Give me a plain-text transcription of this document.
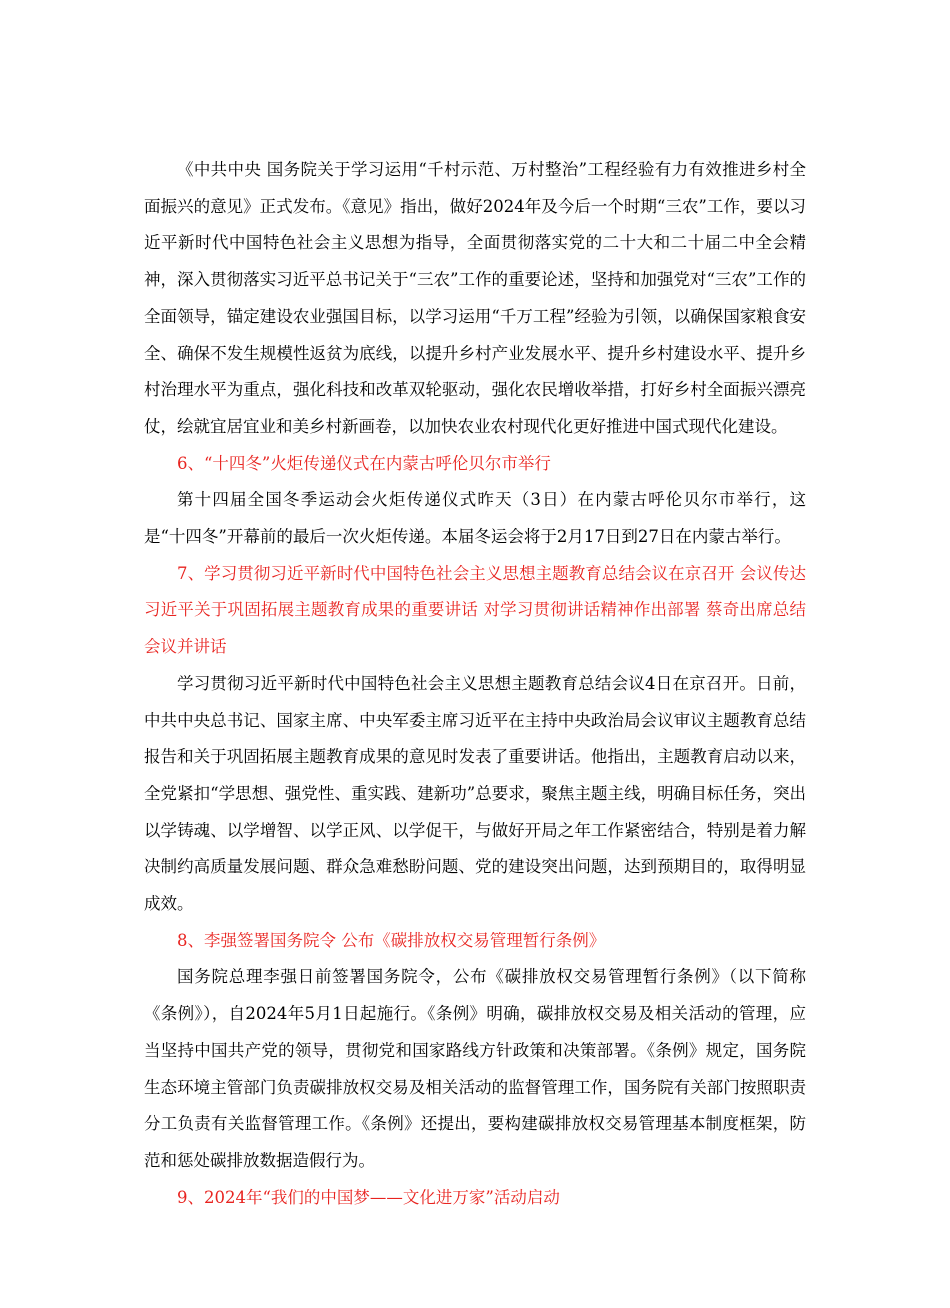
《中共中央 国务院关于学习运用“千村示范、万村整治”工程经验有力有效推进乡村全面振兴的意见》正式发布。《意见》指出，做好2024年及今后一个时期“三农”工作，要以习近平新时代中国特色社会主义思想为指导，全面贯彻落实党的二十大和二十届二中全会精神，深入贯彻落实习近平总书记关于“三农”工作的重要论述，坚持和加强党对“三农”工作的全面领导，锚定建设农业强国目标，以学习运用“千万工程”经验为引领，以确保国家粮食安全、确保不发生规模性返贫为底线，以提升乡村产业发展水平、提升乡村建设水平、提升乡村治理水平为重点，强化科技和改革双轮驱动，强化农民增收举措，打好乡村全面振兴漂亮仗，绘就宜居宜业和美乡村新画卷，以加快农业农村现代化更好推进中国式现代化建设。

6、“十四冬”火炬传递仪式在内蒙古呼伦贝尔市举行

第十四届全国冬季运动会火炬传递仪式昨天（3日）在内蒙古呼伦贝尔市举行，这是“十四冬”开幕前的最后一次火炬传递。本届冬运会将于2月17日到27日在内蒙古举行。

7、学习贯彻习近平新时代中国特色社会主义思想主题教育总结会议在京召开 会议传达习近平关于巩固拓展主题教育成果的重要讲话 对学习贯彻讲话精神作出部署 蔡奇出席总结会议并讲话

学习贯彻习近平新时代中国特色社会主义思想主题教育总结会议4日在京召开。日前，中共中央总书记、国家主席、中央军委主席习近平在主持中央政治局会议审议主题教育总结报告和关于巩固拓展主题教育成果的意见时发表了重要讲话。他指出，主题教育启动以来，全党紧扣“学思想、强党性、重实践、建新功”总要求，聚焦主题主线，明确目标任务，突出以学铸魂、以学增智、以学正风、以学促干，与做好开局之年工作紧密结合，特别是着力解决制约高质量发展问题、群众急难愁盼问题、党的建设突出问题，达到预期目的，取得明显成效。

8、李强签署国务院令 公布《碳排放权交易管理暂行条例》

国务院总理李强日前签署国务院令，公布《碳排放权交易管理暂行条例》（以下简称《条例》），自2024年5月1日起施行。《条例》明确，碳排放权交易及相关活动的管理，应当坚持中国共产党的领导，贯彻党和国家路线方针政策和决策部署。《条例》规定，国务院生态环境主管部门负责碳排放权交易及相关活动的监督管理工作，国务院有关部门按照职责分工负责有关监督管理工作。《条例》还提出，要构建碳排放权交易管理基本制度框架，防范和惩处碳排放数据造假行为。

9、2024年“我们的中国梦——文化进万家”活动启动
